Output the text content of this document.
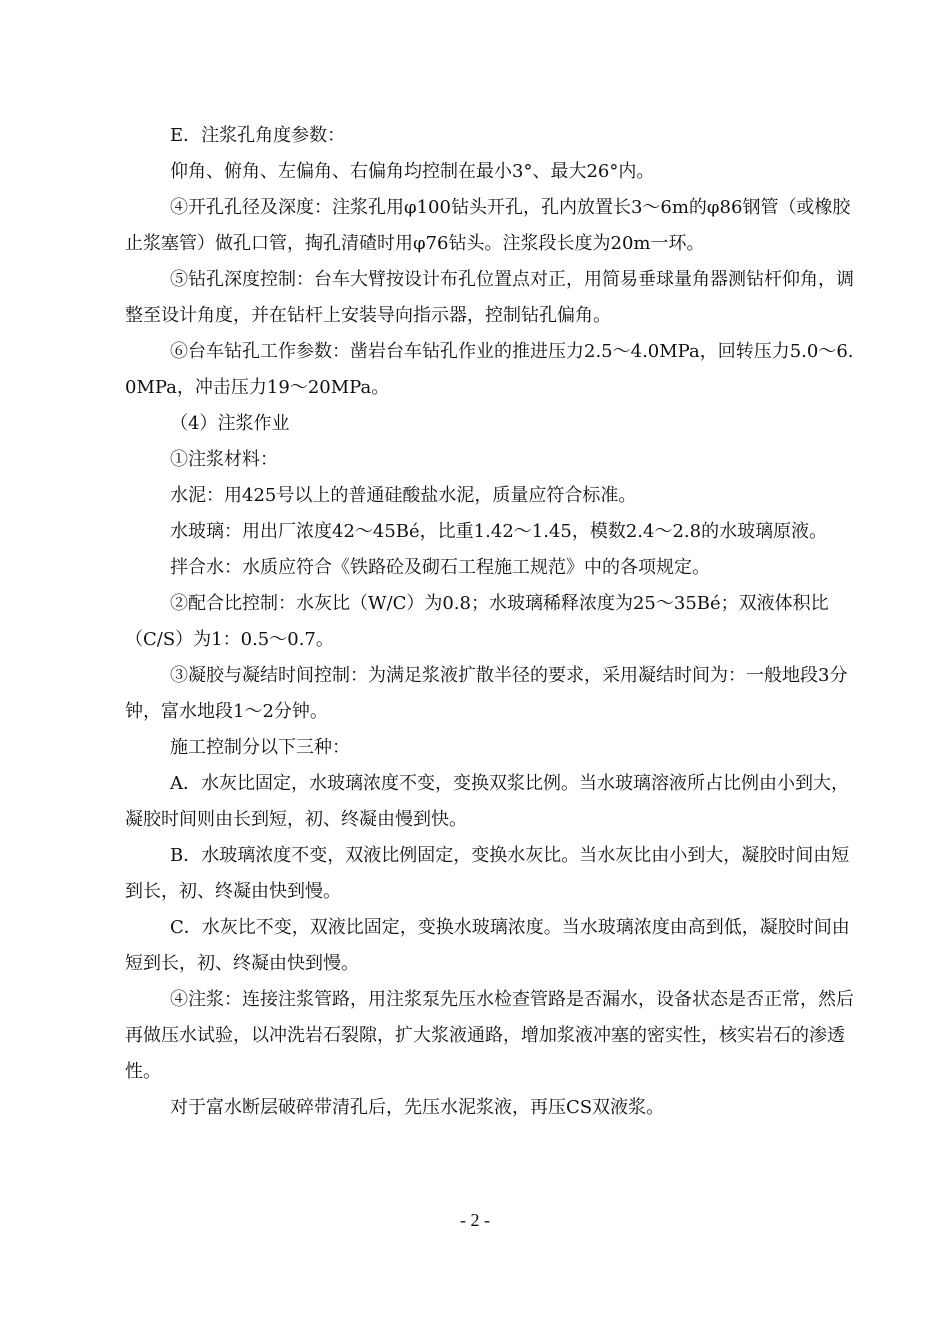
E．注浆孔角度参数：

仰角、俯角、左偏角、右偏角均控制在最小3°、最大26°内。

④开孔孔径及深度：注浆孔用φ100钻头开孔，孔内放置长3～6m的φ86钢管（或橡胶止浆塞管）做孔口管，掏孔清碴时用φ76钻头。注浆段长度为20m一环。

⑤钻孔深度控制：台车大臂按设计布孔位置点对正，用简易垂球量角器测钻杆仰角，调整至设计角度，并在钻杆上安装导向指示器，控制钻孔偏角。

⑥台车钻孔工作参数：凿岩台车钻孔作业的推进压力2.5～4.0MPa，回转压力5.0～6.0MPa，冲击压力19～20MPa。

（4）注浆作业

①注浆材料：

水泥：用425号以上的普通硅酸盐水泥，质量应符合标准。

水玻璃：用出厂浓度42～45Bé，比重1.42～1.45，模数2.4～2.8的水玻璃原液。

拌合水：水质应符合《铁路砼及砌石工程施工规范》中的各项规定。

②配合比控制：水灰比（W/C）为0.8；水玻璃稀释浓度为25～35Bé；双液体积比（C/S）为1：0.5～0.7。

③凝胶与凝结时间控制：为满足浆液扩散半径的要求，采用凝结时间为：一般地段3分钟，富水地段1～2分钟。

施工控制分以下三种：

A．水灰比固定，水玻璃浓度不变，变换双浆比例。当水玻璃溶液所占比例由小到大，凝胶时间则由长到短，初、终凝由慢到快。

B．水玻璃浓度不变，双液比例固定，变换水灰比。当水灰比由小到大，凝胶时间由短到长，初、终凝由快到慢。

C．水灰比不变，双液比固定，变换水玻璃浓度。当水玻璃浓度由高到低，凝胶时间由短到长，初、终凝由快到慢。

④注浆：连接注浆管路，用注浆泵先压水检查管路是否漏水，设备状态是否正常，然后再做压水试验，以冲洗岩石裂隙，扩大浆液通路，增加浆液冲塞的密实性，核实岩石的渗透性。

对于富水断层破碎带清孔后，先压水泥浆液，再压CS双液浆。

- 2 -
